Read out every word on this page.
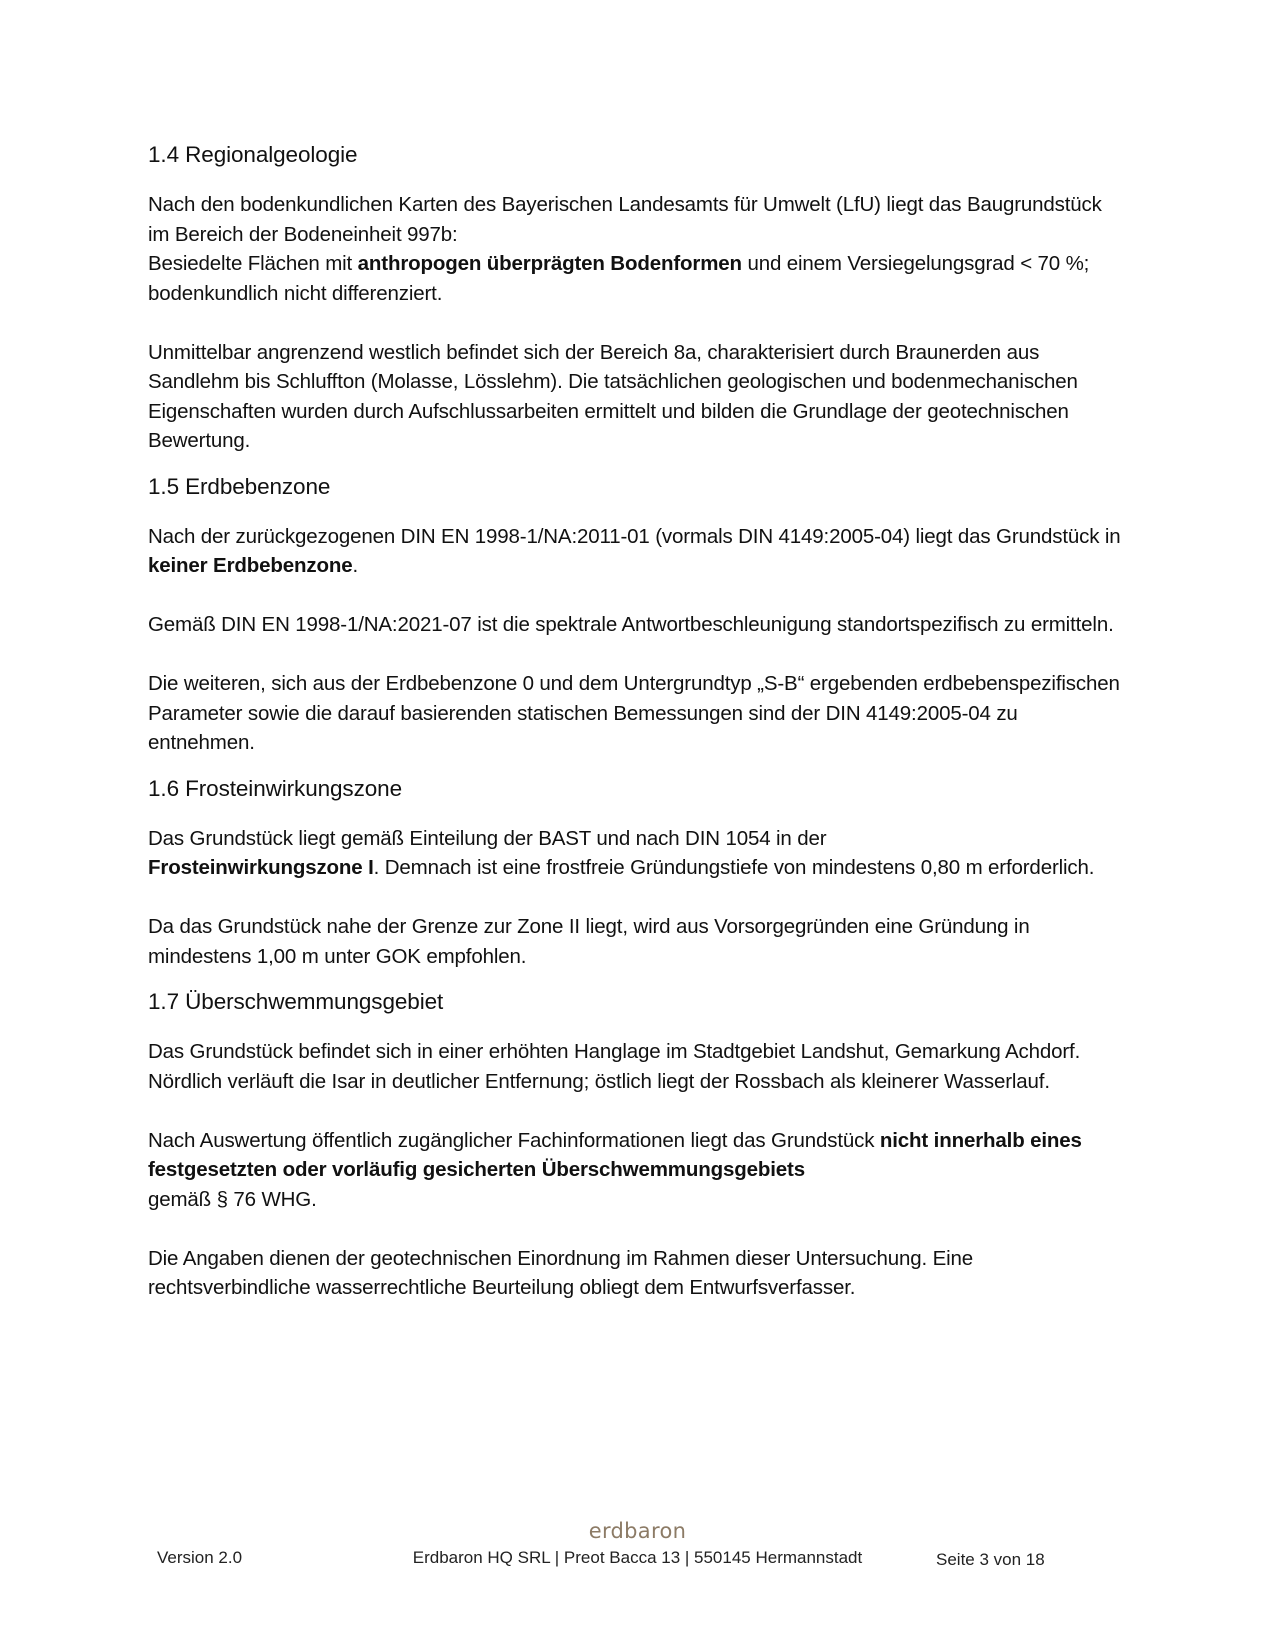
1.4 Regionalgeologie

Nach den bodenkundlichen Karten des Bayerischen Landesamts für Umwelt (LfU) liegt das Baugrundstück im Bereich der Bodeneinheit 997b:
Besiedelte Flächen mit anthropogen überprägten Bodenformen und einem Versiegelungsgrad < 70 %; bodenkundlich nicht differenziert.

Unmittelbar angrenzend westlich befindet sich der Bereich 8a, charakterisiert durch Braunerden aus Sandlehm bis Schluffton (Molasse, Lösslehm). Die tatsächlichen geologischen und bodenmechanischen Eigenschaften wurden durch Aufschlussarbeiten ermittelt und bilden die Grundlage der geotechnischen Bewertung.

1.5 Erdbebenzone

Nach der zurückgezogenen DIN EN 1998-1/NA:2011-01 (vormals DIN 4149:2005-04) liegt das Grundstück in keiner Erdbebenzone.

Gemäß DIN EN 1998-1/NA:2021-07 ist die spektrale Antwortbeschleunigung standortspezifisch zu ermitteln.

Die weiteren, sich aus der Erdbebenzone 0 und dem Untergrundtyp „S-B“ ergebenden erdbebenspezifischen Parameter sowie die darauf basierenden statischen Bemessungen sind der DIN 4149:2005-04 zu entnehmen.

1.6 Frosteinwirkungszone

Das Grundstück liegt gemäß Einteilung der BAST und nach DIN 1054 in der
Frosteinwirkungszone I. Demnach ist eine frostfreie Gründungstiefe von mindestens 0,80 m erforderlich.

Da das Grundstück nahe der Grenze zur Zone II liegt, wird aus Vorsorgegründen eine Gründung in mindestens 1,00 m unter GOK empfohlen.

1.7 Überschwemmungsgebiet

Das Grundstück befindet sich in einer erhöhten Hanglage im Stadtgebiet Landshut, Gemarkung Achdorf. Nördlich verläuft die Isar in deutlicher Entfernung; östlich liegt der Rossbach als kleinerer Wasserlauf.

Nach Auswertung öffentlich zugänglicher Fachinformationen liegt das Grundstück nicht innerhalb eines festgesetzten oder vorläufig gesicherten Überschwemmungsgebiets
gemäß § 76 WHG.

Die Angaben dienen der geotechnischen Einordnung im Rahmen dieser Untersuchung. Eine rechtsverbindliche wasserrechtliche Beurteilung obliegt dem Entwurfsverfasser.

erdbaron
Version 2.0	Erdbaron HQ SRL | Preot Bacca 13 | 550145 Hermannstadt	Seite 3 von 18
